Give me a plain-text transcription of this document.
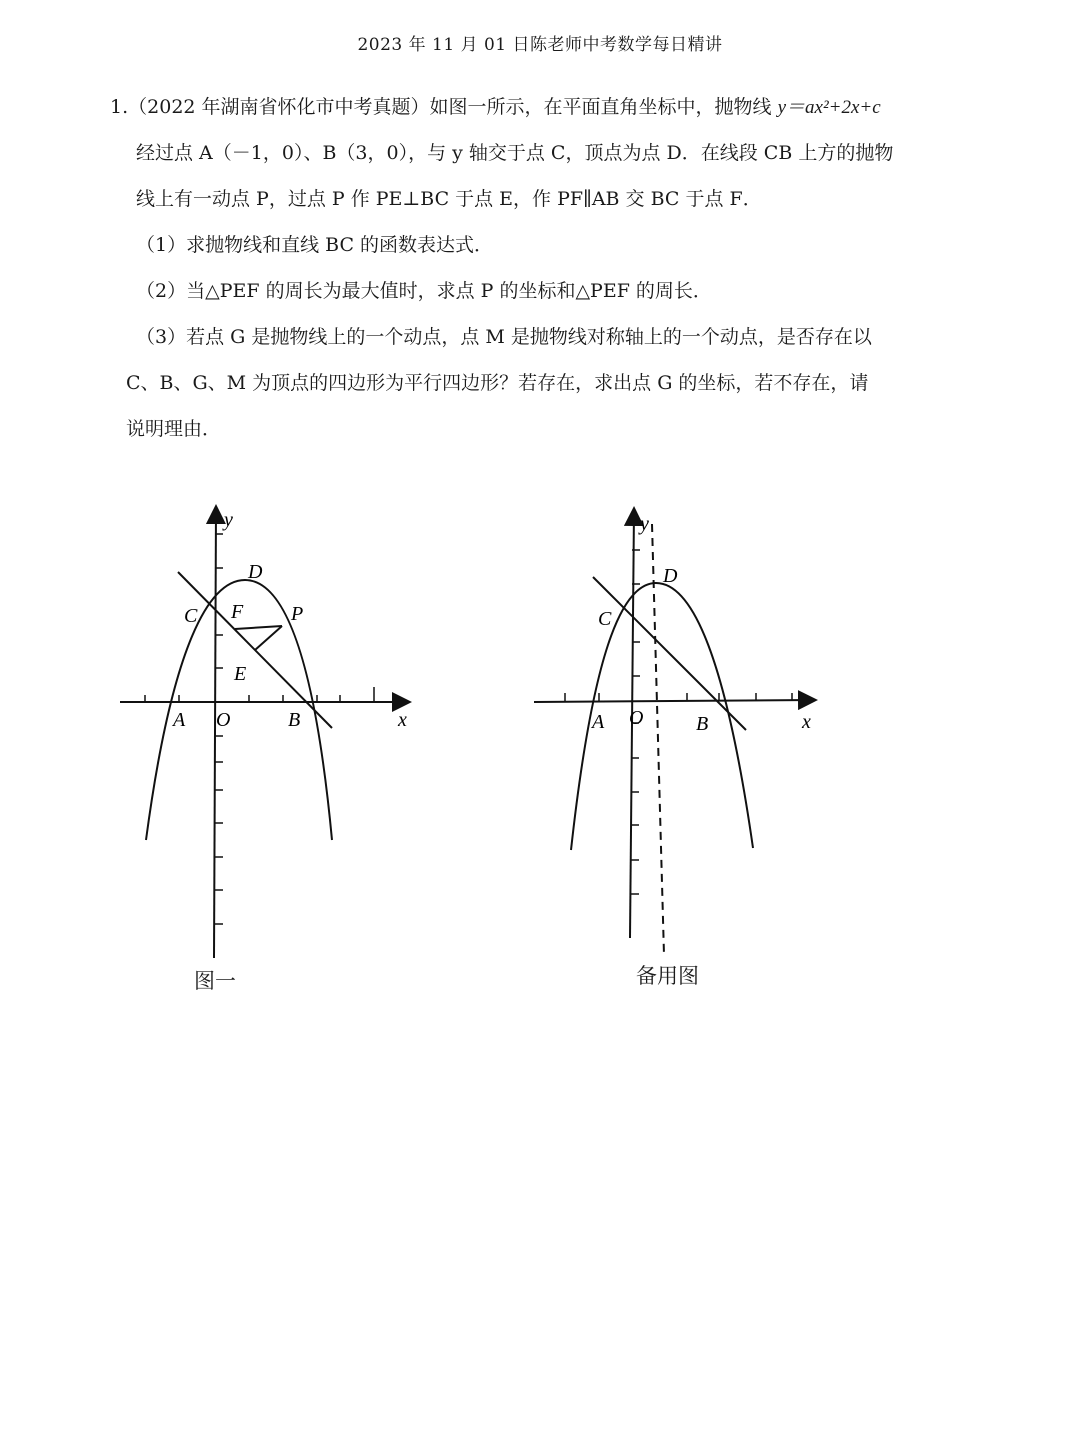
2023 年 11 月 01 日陈老师中考数学每日精讲
1.（2022 年湖南省怀化市中考真题）如图一所示，在平面直角坐标中，抛物线 y＝ax²+2x+c
经过点 A（－1，0）、B（3，0），与 y 轴交于点 C，顶点为点 D．在线段 CB 上方的抛物
线上有一动点 P，过点 P 作 PE⊥BC 于点 E，作 PF∥AB 交 BC 于点 F．
（1）求抛物线和直线 BC 的函数表达式．
（2）当△PEF 的周长为最大值时，求点 P 的坐标和△PEF 的周长．
（3）若点 G 是抛物线上的一个动点，点 M 是抛物线对称轴上的一个动点，是否存在以
C、B、G、M 为顶点的四边形为平行四边形？若存在，求出点 G 的坐标，若不存在，请
说明理由．
y
x
O
A	B
C
D
F P
E
图一
y
x
O
A	B
C
D
备用图
